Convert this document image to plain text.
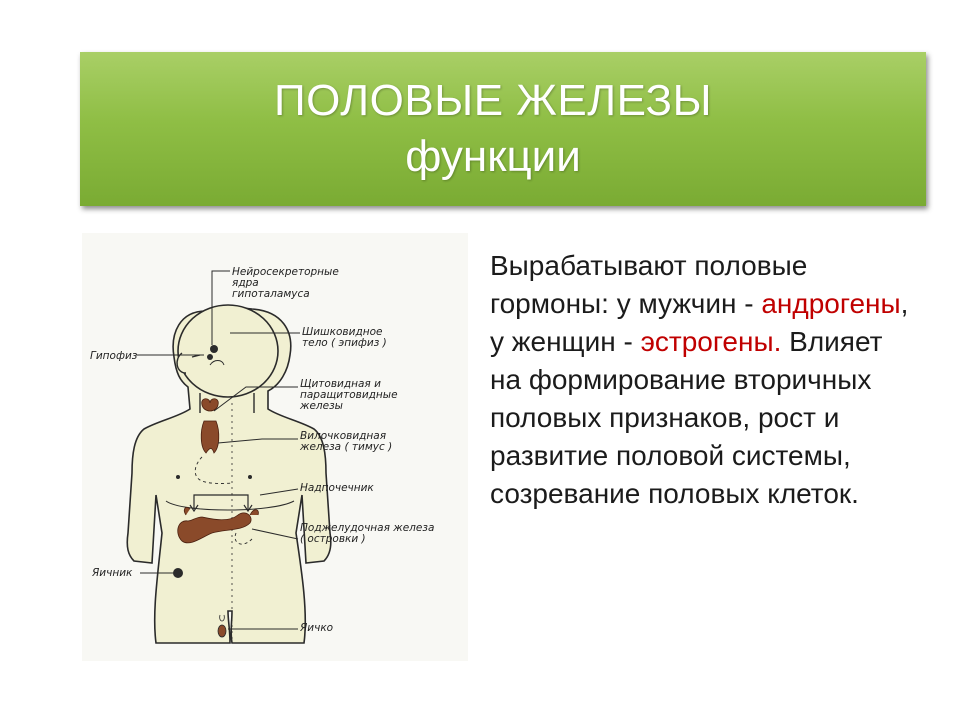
ПОЛОВЫЕ ЖЕЛЕЗЫ
функции
Нейросекреторные ядра гипоталамуса
Шишковидное тело ( эпифиз )
Гипофиз
Щитовидная и паращитовидные железы
Вилочковидная железа ( тимус )
Надпочечник
Поджелудочная железа ( островки )
Яичник
Яичко
Вырабатывают половые гормоны: у мужчин - андрогены, у женщин - эстрогены. Влияет на формирование вторичных половых признаков, рост и развитие половой системы, созревание половых клеток.
